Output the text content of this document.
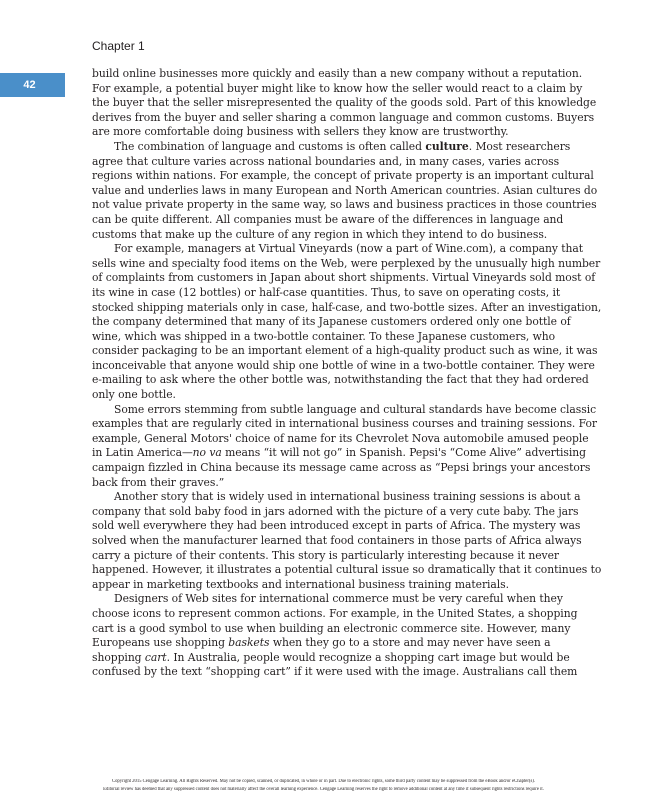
Chapter 1
42

build online businesses more quickly and easily than a new company without a reputation. For example, a potential buyer might like to know how the seller would react to a claim by the buyer that the seller misrepresented the quality of the goods sold. Part of this knowledge derives from the buyer and seller sharing a common language and common customs. Buyers are more comfortable doing business with sellers they know are trustworthy.

The combination of language and customs is often called culture. Most researchers agree that culture varies across national boundaries and, in many cases, varies across regions within nations. For example, the concept of private property is an important cultural value and underlies laws in many European and North American countries. Asian cultures do not value private property in the same way, so laws and business practices in those countries can be quite different. All companies must be aware of the differences in language and customs that make up the culture of any region in which they intend to do business.

For example, managers at Virtual Vineyards (now a part of Wine.com), a company that sells wine and specialty food items on the Web, were perplexed by the unusually high number of complaints from customers in Japan about short shipments. Virtual Vineyards sold most of its wine in case (12 bottles) or half-case quantities. Thus, to save on operating costs, it stocked shipping materials only in case, half-case, and two-bottle sizes. After an investigation, the company determined that many of its Japanese customers ordered only one bottle of wine, which was shipped in a two-bottle container. To these Japanese customers, who consider packaging to be an important element of a high-quality product such as wine, it was inconceivable that anyone would ship one bottle of wine in a two-bottle container. They were e-mailing to ask where the other bottle was, notwithstanding the fact that they had ordered only one bottle.

Some errors stemming from subtle language and cultural standards have become classic examples that are regularly cited in international business courses and training sessions. For example, General Motors' choice of name for its Chevrolet Nova automobile amused people in Latin America—no va means “it will not go” in Spanish. Pepsi's “Come Alive” advertising campaign fizzled in China because its message came across as “Pepsi brings your ancestors back from their graves.”

Another story that is widely used in international business training sessions is about a company that sold baby food in jars adorned with the picture of a very cute baby. The jars sold well everywhere they had been introduced except in parts of Africa. The mystery was solved when the manufacturer learned that food containers in those parts of Africa always carry a picture of their contents. This story is particularly interesting because it never happened. However, it illustrates a potential cultural issue so dramatically that it continues to appear in marketing textbooks and international business training materials.

Designers of Web sites for international commerce must be very careful when they choose icons to represent common actions. For example, in the United States, a shopping cart is a good symbol to use when building an electronic commerce site. However, many Europeans use shopping baskets when they go to a store and may never have seen a shopping cart. In Australia, people would recognize a shopping cart image but would be confused by the text “shopping cart” if it were used with the image. Australians call them

Copyright 2015 Cengage Learning. All Rights Reserved. May not be copied, scanned, or duplicated, in whole or in part. Due to electronic rights, some third party content may be suppressed from the eBook and/or eChapter(s).
Editorial review has deemed that any suppressed content does not materially affect the overall learning experience. Cengage Learning reserves the right to remove additional content at any time if subsequent rights restrictions require it.
